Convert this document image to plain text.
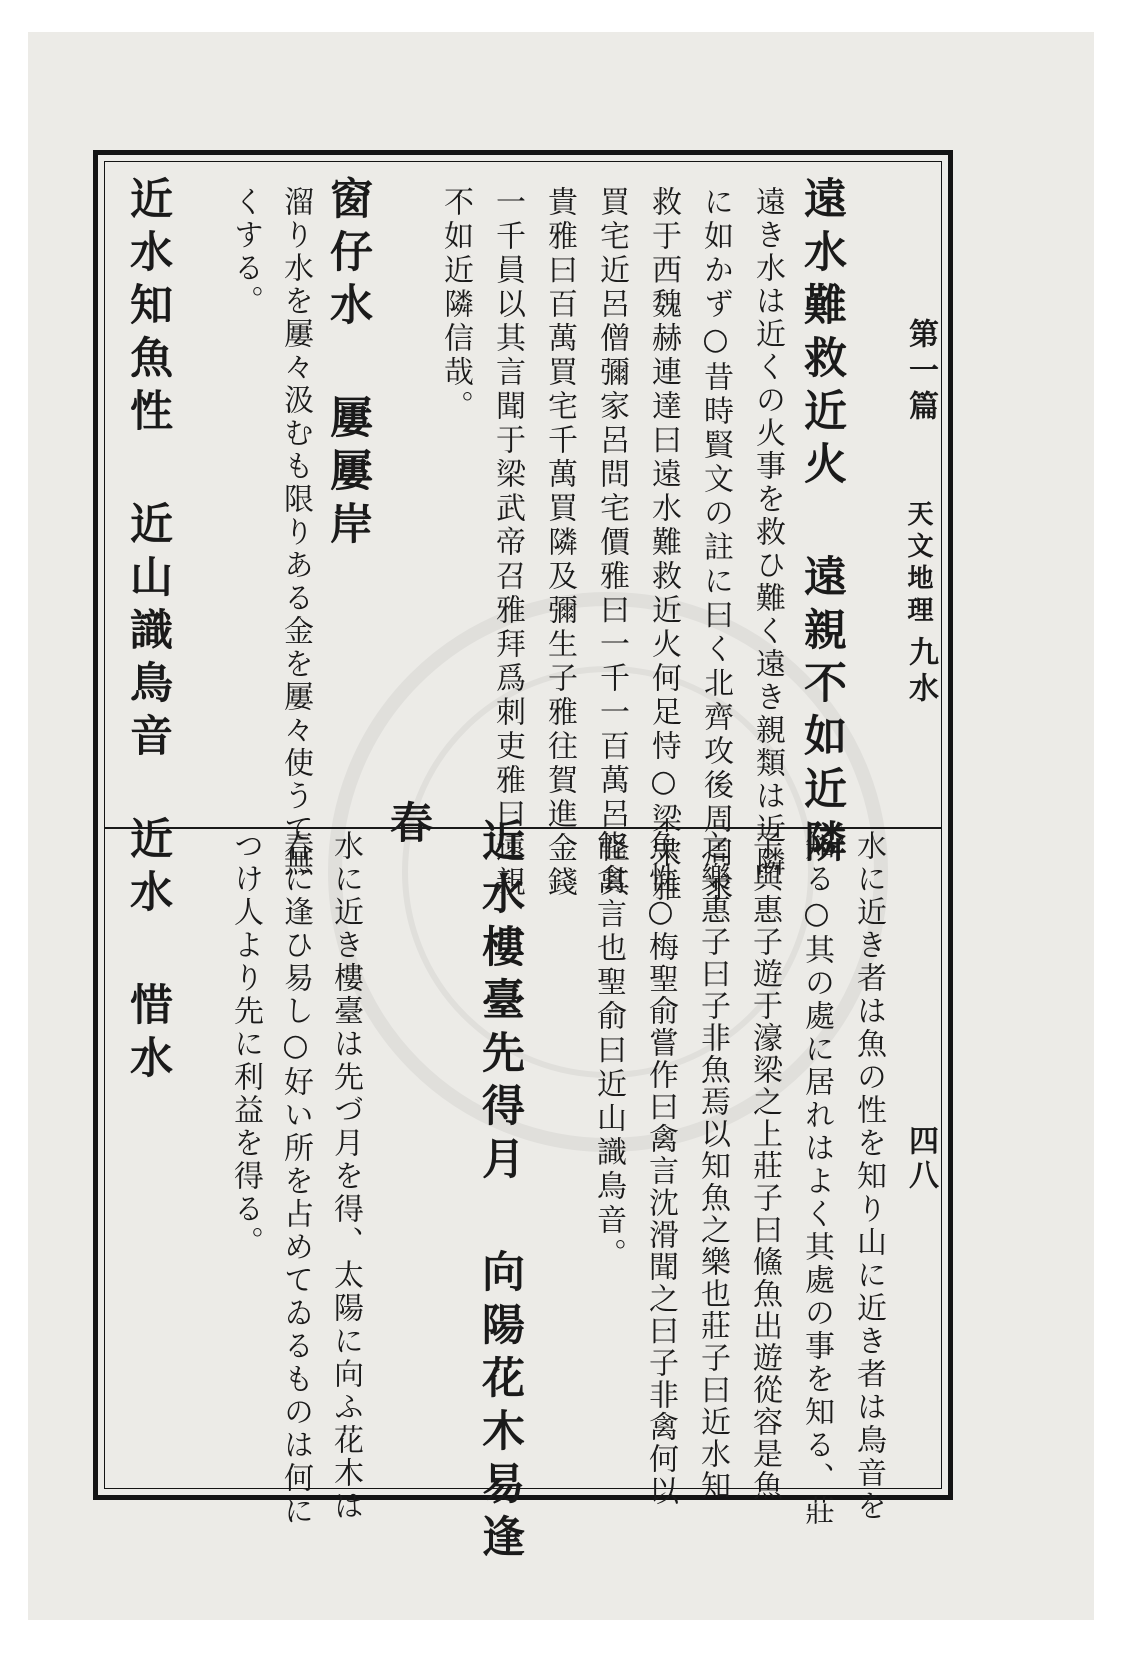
第一篇
天文地理
九水
四八
遠水難救近火 遠親不如近隣
遠き水は近くの火事を救ひ難く遠き親類は近隣
に如かず○昔時賢文の註に曰く北齊攻後周周求
救于西魏赫連達曰遠水難救近火何足恃○梁宋雅
買宅近呂僧彌家呂問宅價雅曰一千一百萬呂怪其
貴雅曰百萬買宅千萬買隣及彌生子雅往賀進金錢
一千員以其言聞于梁武帝召雅拜爲刺吏雅曰遠親
不如近隣信哉。
窗仔水 屢屢岸
溜り水を屢々汲むも限りある金を屢々使うて無
くする。
近水知魚性 近山識鳥音
水に近き者は魚の性を知り山に近き者は鳥音を
知る○其の處に居れはよく其處の事を知る、莊
子與惠子遊于濠梁之上莊子曰鯈魚出遊從容是魚
之樂惠子曰子非魚焉以知魚之樂也莊子曰近水知
魚性○梅聖俞嘗作曰禽言沈滑聞之曰子非禽何以
能禽言也聖俞曰近山識鳥音。
近水樓臺先得月 向陽花木易逢
春
水に近き樓臺は先づ月を得、太陽に向ふ花木は
春に逢ひ易し○好い所を占めてゐるものは何に
つけ人より先に利益を得る。
近水 惜水
